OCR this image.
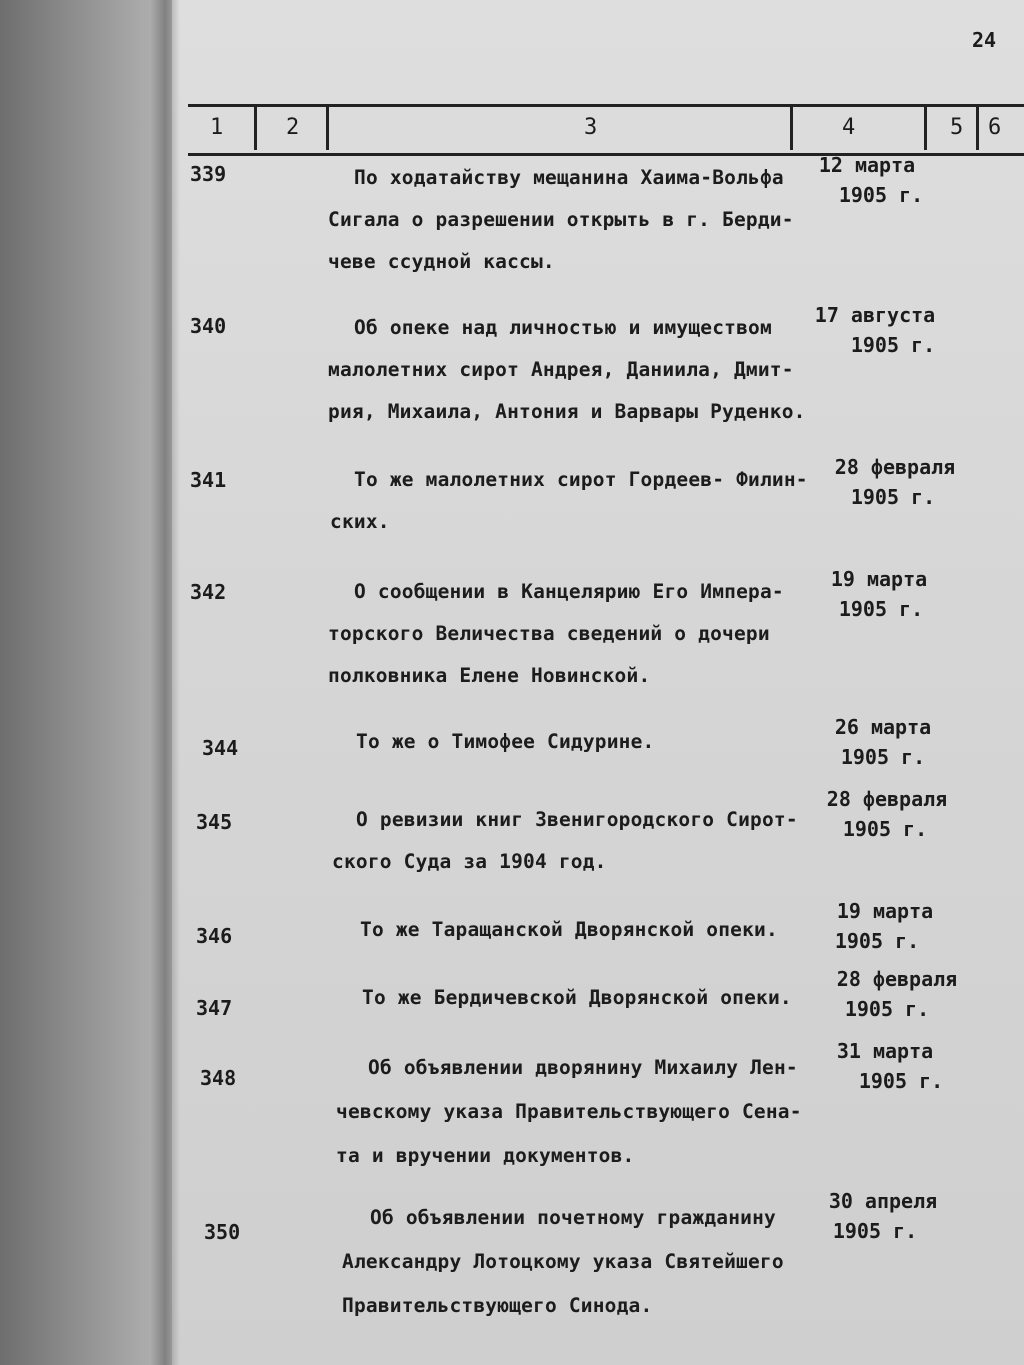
24
1	2	3	4	5 6
339	По ходатайству мещанина Хаима-Вольфа
Сигала о разрешении открыть в г. Берди-
чеве ссудной кассы.
12 марта
1905 г.
340	Об опеке над личностью и имуществом
малолетних сирот Андрея, Даниила, Дмит-
рия, Михаила, Антония и Варвары Руденко.
17 августа
1905 г.
341	То же малолетних сирот Гордеев- Филин-
ских.
28 февраля
1905 г.
342	О сообщении в Канцелярию Его Импера-
торского Величества сведений о дочери
полковника Елене Новинской.
19 марта
1905 г.
344	То же о Тимофее Сидурине.
26 марта
1905 г.
345	О ревизии книг Звенигородского Сирот-
ского Суда за 1904 год.
28 февраля
1905 г.
346	То же Таращанской Дворянской опеки.
19 марта
1905 г.
347	То же Бердичевской Дворянской опеки.
28 февраля
1905 г.
348	Об объявлении дворянину Михаилу Лен-
чевскому указа Правительствующего Сена-
та и вручении документов.
31 марта
1905 г.
350
Об объявлении почетному гражданину
Александру Лотоцкому указа Святейшего
Правительствующего Синода.
30 апреля
1905 г.
